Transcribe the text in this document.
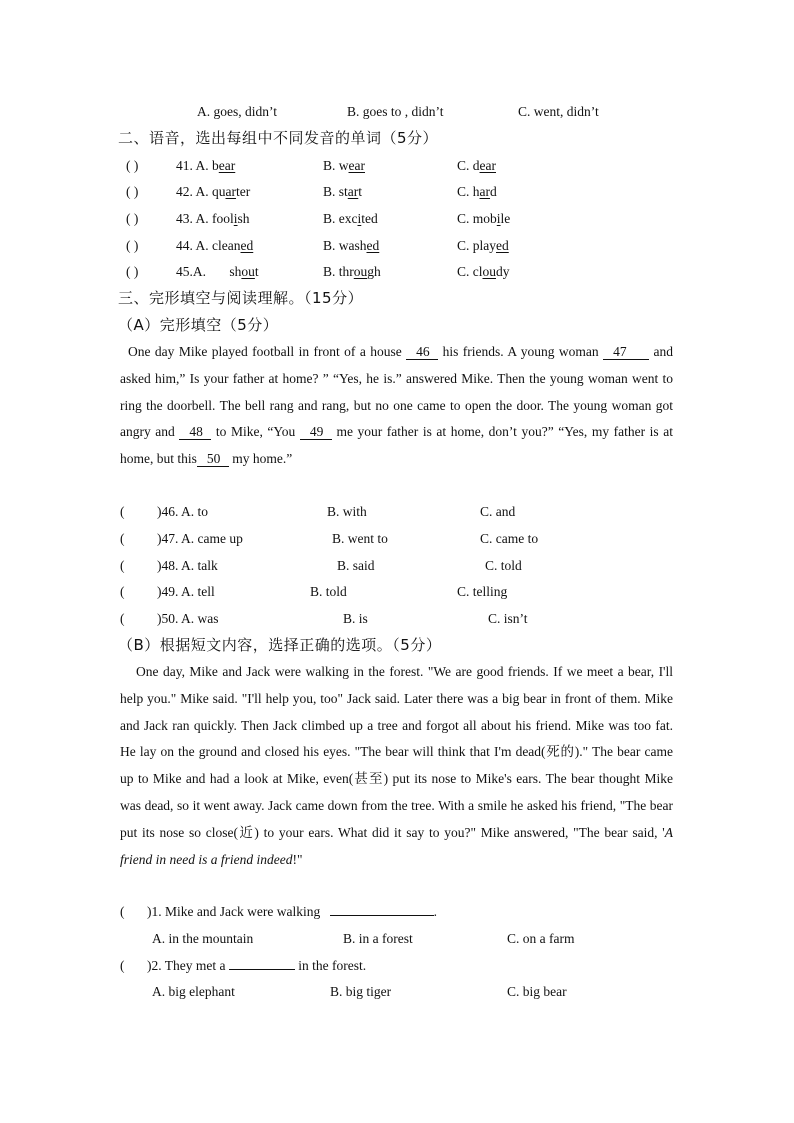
A. goes, didn’t	B. goes to , didn’t	C. went, didn’t
二、语音，选出每组中不同发音的单词（5分）
( )	41. A. bear	B. wear	C. dear
( )	42. A. quarter	B. start	C. hard
( )	43. A. foolish	B. excited	C. mobile
( )	44. A. cleaned	B. washed	C. played
( )	45.A. shout	B. through	C. cloudy
三、完形填空与阅读理解。（15分）
（A）完形填空（5分）
One day Mike played football in front of a house 46 his friends. A young woman 47 and asked him,” Is your father at home? ” “Yes, he is.” answered Mike. Then the young woman went to ring the doorbell. The bell rang and rang, but no one came to open the door. The young woman got angry and 48 to Mike, “You 49 me your father is at home, don’t you?” “Yes, my father is at home, but this 50 my home.”
( )46. A. to	B. with	C. and
( )47. A. came up	B. went to	C. came to
( )48. A. talk	B. said	C. told
( )49. A. tell	B. told	C. telling
( )50. A. was	B. is	C. isn’t
（B）根据短文内容，选择正确的选项。（5分）
One day, Mike and Jack were walking in the forest. "We are good friends. If we meet a bear, I'll help you." Mike said. "I'll help you, too" Jack said. Later there was a big bear in front of them. Mike and Jack ran quickly. Then Jack climbed up a tree and forgot all about his friend. Mike was too fat. He lay on the ground and closed his eyes. "The bear will think that I'm dead(死的)." The bear came up to Mike and had a look at Mike, even(甚至) put its nose to Mike's ears. The bear thought Mike was dead, so it went away. Jack came down from the tree. With a smile he asked his friend, "The bear put its nose so close(近) to your ears. What did it say to you?" Mike answered, "The bear said, 'A friend in need is a friend indeed!"
( )1. Mike and Jack were walking	.
A. in the mountain	B. in a forest	C. on a farm
( )2. They met a	in the forest.
A. big elephant	B. big tiger	C. big bear
